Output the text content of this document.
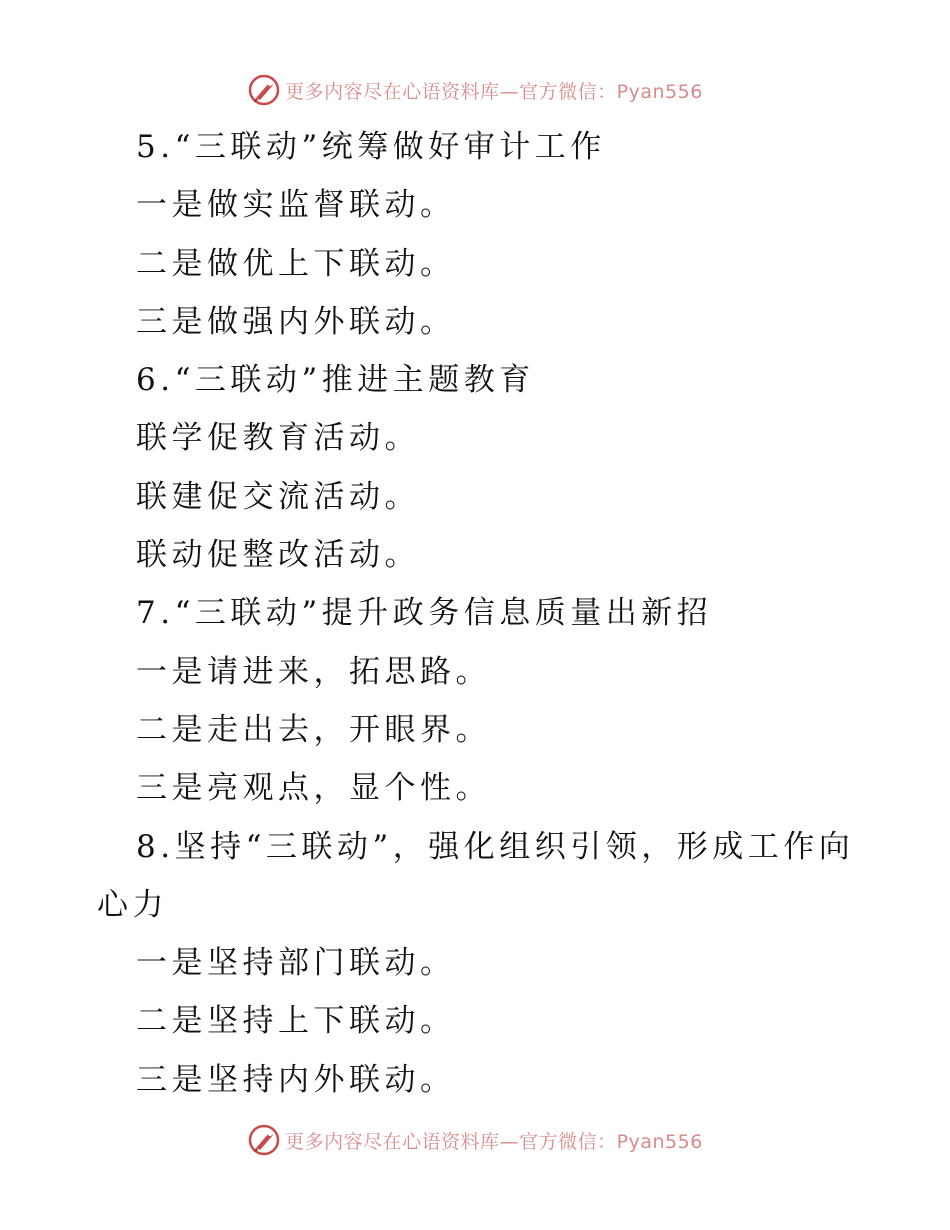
更多内容尽在心语资料库—官方微信：Pyan556
5.“三联动”统筹做好审计工作
一是做实监督联动。
二是做优上下联动。
三是做强内外联动。
6.“三联动”推进主题教育
联学促教育活动。
联建促交流活动。
联动促整改活动。
7.“三联动”提升政务信息质量出新招
一是请进来，拓思路。
二是走出去，开眼界。
三是亮观点，显个性。
8.坚持“三联动”，强化组织引领，形成工作向
心力
一是坚持部门联动。
二是坚持上下联动。
三是坚持内外联动。
更多内容尽在心语资料库—官方微信：Pyan556
